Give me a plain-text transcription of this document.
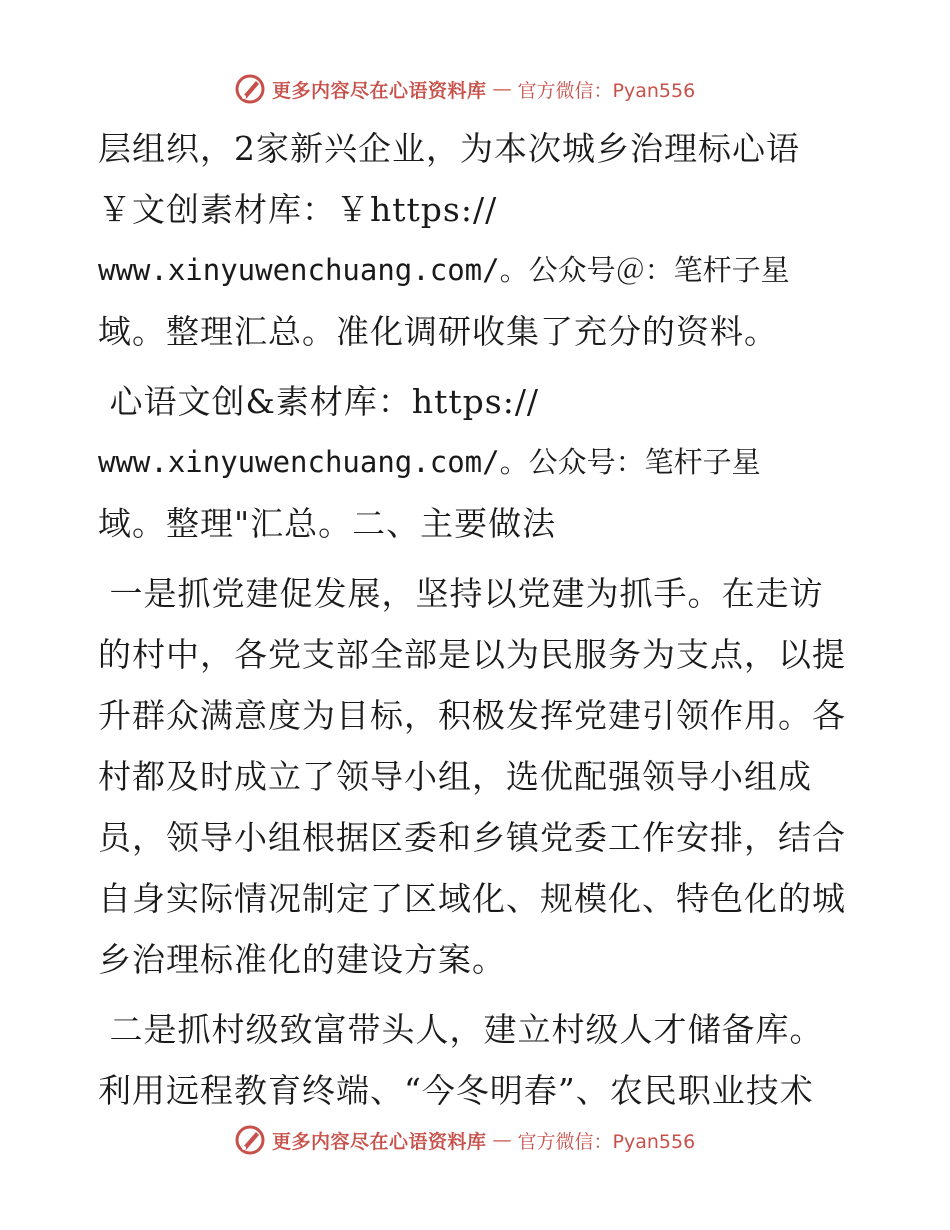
更多内容尽在心语资料库 — 官方微信：Pyan556
层组织，2家新兴企业，为本次城乡治理标心语
￥文创素材库：￥https://
www.xinyuwenchuang.com/。公众号＠：笔杆子星
域。整理汇总。准化调研收集了充分的资料。
心语文创&素材库：https://
www.xinyuwenchuang.com/。公众号：笔杆子星
域。整理"汇总。二、主要做法
一是抓党建促发展，坚持以党建为抓手。在走访
的村中，各党支部全部是以为民服务为支点，以提
升群众满意度为目标，积极发挥党建引领作用。各
村都及时成立了领导小组，选优配强领导小组成
员，领导小组根据区委和乡镇党委工作安排，结合
自身实际情况制定了区域化、规模化、特色化的城
乡治理标准化的建设方案。
二是抓村级致富带头人，建立村级人才储备库。
利用远程教育终端、“今冬明春”、农民职业技术
更多内容尽在心语资料库 — 官方微信：Pyan556
